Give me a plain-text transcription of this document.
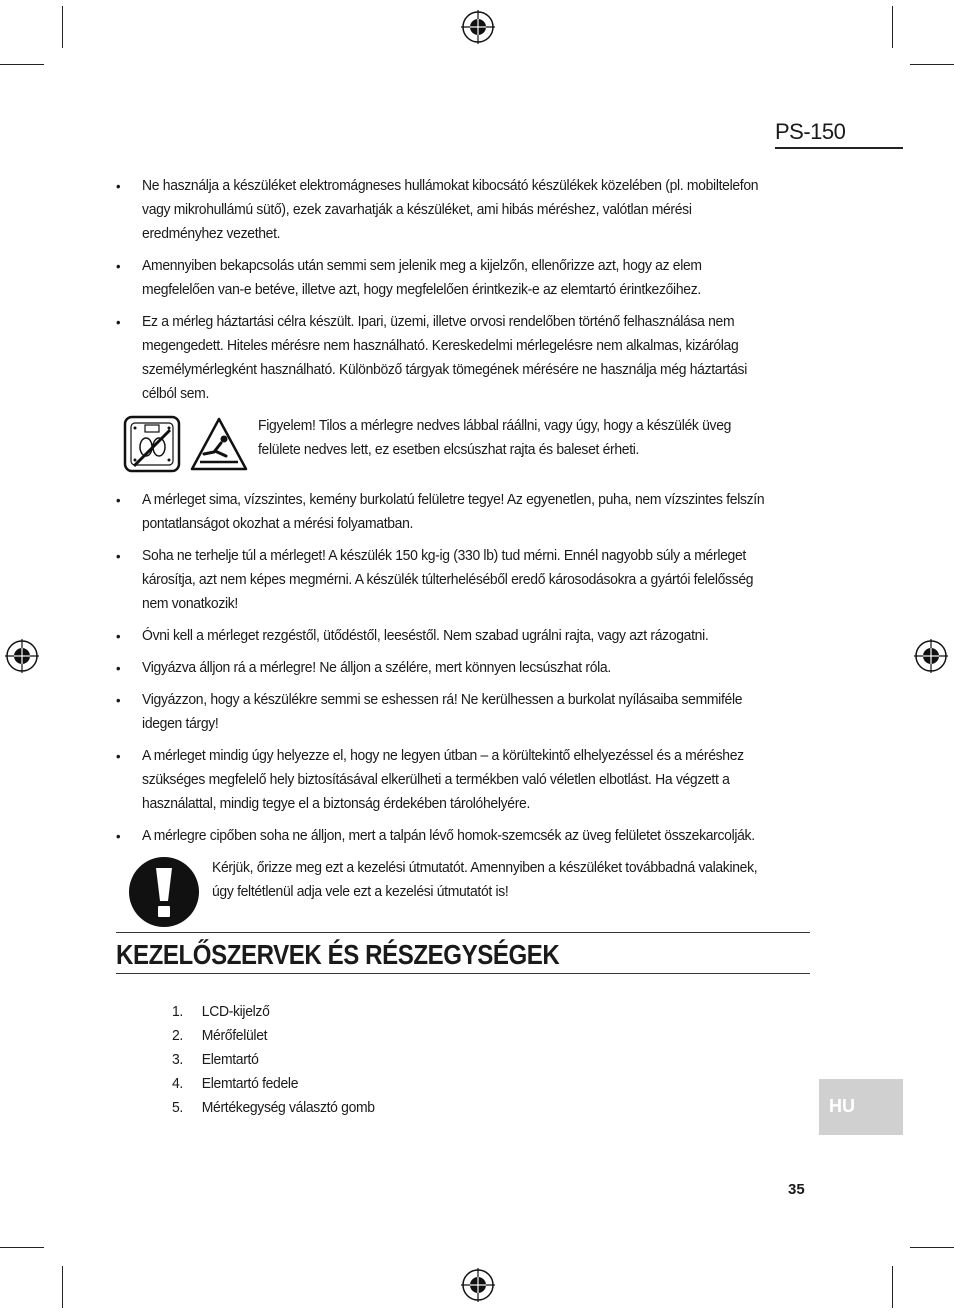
PS-150
• Ne használja a készüléket elektromágneses hullámokat kibocsátó készülékek közelében (pl. mobiltelefon vagy mikrohullámú sütő), ezek zavarhatják a készüléket, ami hibás méréshez, valótlan mérési eredményhez vezethet.
• Amennyiben bekapcsolás után semmi sem jelenik meg a kijelzőn, ellenőrizze azt, hogy az elem megfelelően van-e betéve, illetve azt, hogy megfelelően érintkezik-e az elemtartó érintkezőihez.
• Ez a mérleg háztartási célra készült. Ipari, üzemi, illetve orvosi rendelőben történő felhasználása nem megengedett. Hiteles mérésre nem használható. Kereskedelmi mérlegelésre nem alkalmas, kizárólag személymérlegként használható. Különböző tárgyak tömegének mérésére ne használja még háztartási célból sem.
Figyelem! Tilos a mérlegre nedves lábbal ráállni, vagy úgy, hogy a készülék üveg felülete nedves lett, ez esetben elcsúszhat rajta és baleset érheti.
• A mérleget sima, vízszintes, kemény burkolatú felületre tegye! Az egyenetlen, puha, nem vízszintes felszín pontatlanságot okozhat a mérési folyamatban.
• Soha ne terhelje túl a mérleget! A készülék 150 kg-ig (330 lb) tud mérni. Ennél nagyobb súly a mérleget károsítja, azt nem képes megmérni. A készülék túlterheléséből eredő károsodásokra a gyártói felelősség nem vonatkozik!
• Óvni kell a mérleget rezgéstől, ütődéstől, leeséstől. Nem szabad ugrálni rajta, vagy azt rázogatni.
• Vigyázva álljon rá a mérlegre! Ne álljon a szélére, mert könnyen lecsúszhat róla.
• Vigyázzon, hogy a készülékre semmi se eshessen rá! Ne kerülhessen a burkolat nyílásaiba semmiféle idegen tárgy!
• A mérleget mindig úgy helyezze el, hogy ne legyen útban – a körültekintő elhelyezéssel és a méréshez szükséges megfelelő hely biztosításával elkerülheti a termékben való véletlen elbotlást. Ha végzett a használattal, mindig tegye el a biztonság érdekében tárolóhelyére.
• A mérlegre cipőben soha ne álljon, mert a talpán lévő homok-szemcsék az üveg felületet összekarcolják.
Kérjük, őrizze meg ezt a kezelési útmutatót. Amennyiben a készüléket továbbadná valakinek, úgy feltétlenül adja vele ezt a kezelési útmutatót is!
KEZELŐSZERVEK ÉS RÉSZEGYSÉGEK
1.	LCD-kijelző
2.	Mérőfelület
3.	Elemtartó
4.	Elemtartó fedele
5.	Mértékegység választó gomb	HU
35
